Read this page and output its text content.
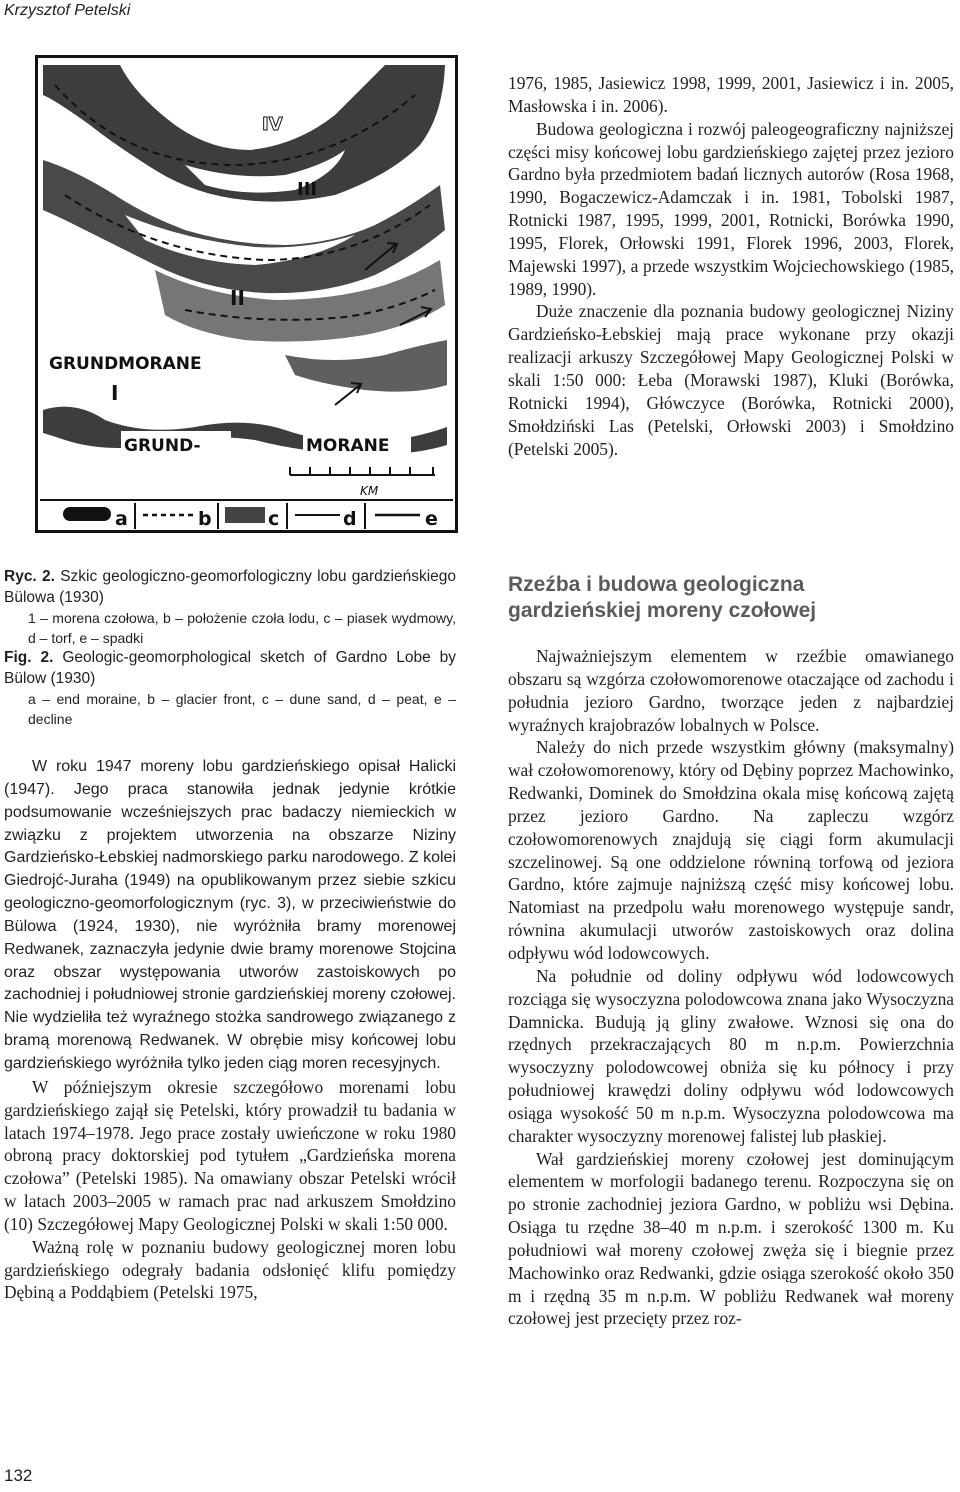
Krzysztof Petelski
IV
III
II
I
GRUNDMORANE
GRUND-	MORANE
KM
a	b	c	d	e

1976, 1985, Jasiewicz 1998, 1999, 2001, Jasiewicz i in. 2005, Masłowska i in. 2006).

Budowa geologiczna i rozwój paleogeograficzny najniższej części misy końcowej lobu gardzieńskiego zajętej przez jezioro Gardno była przedmiotem badań licznych autorów (Rosa 1968, 1990, Bogaczewicz-Adamczak i in. 1981, Tobolski 1987, Rotnicki 1987, 1995, 1999, 2001, Rotnicki, Borówka 1990, 1995, Florek, Orłowski 1991, Florek 1996, 2003, Florek, Majewski 1997), a przede wszystkim Wojciechowskiego (1985, 1989, 1990).

Duże znaczenie dla poznania budowy geologicznej Niziny Gardzieńsko-Łebskiej mają prace wykonane przy okazji realizacji arkuszy Szczegółowej Mapy Geologicznej Polski w skali 1:50 000: Łeba (Morawski 1987), Kluki (Borówka, Rotnicki 1994), Główczyce (Borówka, Rotnicki 2000), Smołdziński Las (Petelski, Orłowski 2003) i Smołdzino (Petelski 2005).

Ryc. 2. Szkic geologiczno-geomorfologiczny lobu gardzieńskiego Bülowa (1930)
1 – morena czołowa, b – położenie czoła lodu, c – piasek wydmowy, d – torf, e – spadki
Fig. 2. Geologic-geomorphological sketch of Gardno Lobe by Bülow (1930)
a – end moraine, b – glacier front, c – dune sand, d – peat, e – decline

W roku 1947 moreny lobu gardzieńskiego opisał Halicki (1947). Jego praca stanowiła jednak jedynie krótkie podsumowanie wcześniejszych prac badaczy niemieckich w związku z projektem utworzenia na obszarze Niziny Gardzieńsko-Łebskiej nadmorskiego parku narodowego. Z kolei Giedrojć-Juraha (1949) na opublikowanym przez siebie szkicu geologiczno-geomorfologicznym (ryc. 3), w przeciwieństwie do Bülowa (1924, 1930), nie wyróżniła bramy morenowej Redwanek, zaznaczyła jedynie dwie bramy morenowe Stojcina oraz obszar występowania utworów zastoiskowych po zachodniej i południowej stronie gardzieńskiej moreny czołowej. Nie wydzieliła też wyraźnego stożka sandrowego związanego z bramą morenową Redwanek. W obrębie misy końcowej lobu gardzieńskiego wyróżniła tylko jeden ciąg moren recesyjnych.

W późniejszym okresie szczegółowo morenami lobu gardzieńskiego zajął się Petelski, który prowadził tu badania w latach 1974–1978. Jego prace zostały uwieńczone w roku 1980 obroną pracy doktorskiej pod tytułem „Gardzieńska morena czołowa” (Petelski 1985). Na omawiany obszar Petelski wrócił w latach 2003–2005 w ramach prac nad arkuszem Smołdzino (10) Szczegółowej Mapy Geologicznej Polski w skali 1:50 000.

Ważną rolę w poznaniu budowy geologicznej moren lobu gardzieńskiego odegrały badania odsłonięć klifu pomiędzy Dębiną a Poddąbiem (Petelski 1975,

Rzeźba i budowa geologiczna
gardzieńskiej moreny czołowej

Najważniejszym elementem w rzeźbie omawianego obszaru są wzgórza czołowomorenowe otaczające od zachodu i południa jezioro Gardno, tworzące jeden z najbardziej wyraźnych krajobrazów lobalnych w Polsce.

Należy do nich przede wszystkim główny (maksymalny) wał czołowomorenowy, który od Dębiny poprzez Machowinko, Redwanki, Dominek do Smołdzina okala misę końcową zajętą przez jezioro Gardno. Na zapleczu wzgórz czołowomorenowych znajdują się ciągi form akumulacji szczelinowej. Są one oddzielone równiną torfową od jeziora Gardno, które zajmuje najniższą część misy końcowej lobu. Natomiast na przedpolu wału morenowego występuje sandr, równina akumulacji utworów zastoiskowych oraz dolina odpływu wód lodowcowych.

Na południe od doliny odpływu wód lodowcowych rozciąga się wysoczyzna polodowcowa znana jako Wysoczyzna Damnicka. Budują ją gliny zwałowe. Wznosi się ona do rzędnych przekraczających 80 m n.p.m. Powierzchnia wysoczyzny polodowcowej obniża się ku północy i przy południowej krawędzi doliny odpływu wód lodowcowych osiąga wysokość 50 m n.p.m. Wysoczyzna polodowcowa ma charakter wysoczyzny morenowej falistej lub płaskiej.

Wał gardzieńskiej moreny czołowej jest dominującym elementem w morfologii badanego terenu. Rozpoczyna się on po stronie zachodniej jeziora Gardno, w pobliżu wsi Dębina. Osiąga tu rzędne 38–40 m n.p.m. i szerokość 1300 m. Ku południowi wał moreny czołowej zwęża się i biegnie przez Machowinko oraz Redwanki, gdzie osiąga szerokość około 350 m i rzędną 35 m n.p.m. W pobliżu Redwanek wał moreny czołowej jest przecięty przez roz-

132
